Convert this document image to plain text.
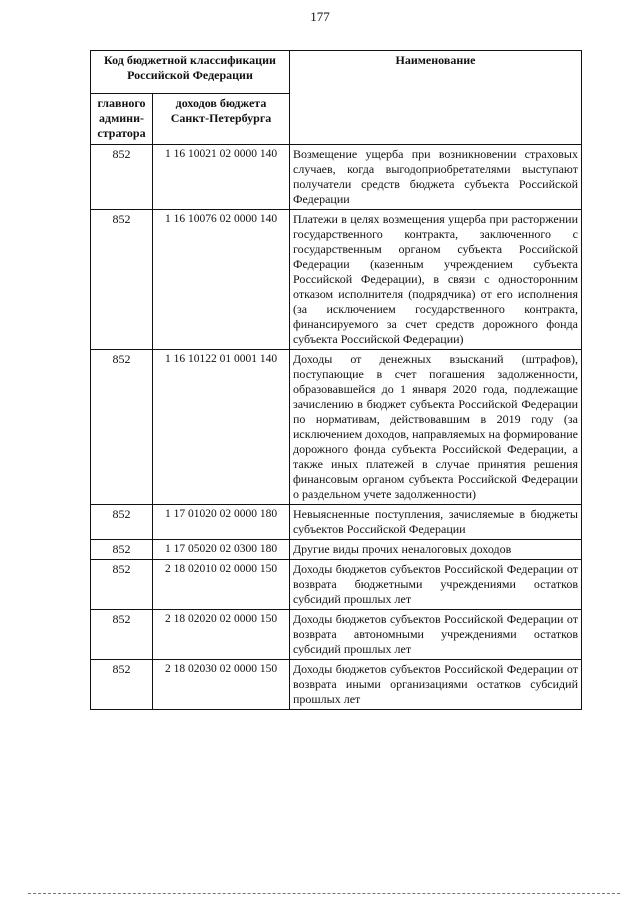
177
Код бюджетной классификации Российской Федерации		Наименование
главного админи-стратора	доходов бюджета Санкт-Петербурга	
852	1 16 10021 02 0000 140	Возмещение ущерба при возникновении страховых случаев, когда выгодоприобретателями выступают получатели средств бюджета субъекта Российской Федерации
852	1 16 10076 02 0000 140	Платежи в целях возмещения ущерба при расторжении государственного контракта, заключенного с государственным органом субъекта Российской Федерации (казенным учреждением субъекта Российской Федерации), в связи с односторонним отказом исполнителя (подрядчика) от его исполнения (за исключением государственного контракта, финансируемого за счет средств дорожного фонда субъекта Российской Федерации)
852	1 16 10122 01 0001 140	Доходы от денежных взысканий (штрафов), поступающие в счет погашения задолженности, образовавшейся до 1 января 2020 года, подлежащие зачислению в бюджет субъекта Российской Федерации по нормативам, действовавшим в 2019 году (за исключением доходов, направляемых на формирование дорожного фонда субъекта Российской Федерации, а также иных платежей в случае принятия решения финансовым органом субъекта Российской Федерации о раздельном учете задолженности)
852	1 17 01020 02 0000 180	Невыясненные поступления, зачисляемые в бюджеты субъектов Российской Федерации
852	1 17 05020 02 0300 180	Другие виды прочих неналоговых доходов
852	2 18 02010 02 0000 150	Доходы бюджетов субъектов Российской Федерации от возврата бюджетными учреждениями остатков субсидий прошлых лет
852	2 18 02020 02 0000 150	Доходы бюджетов субъектов Российской Федерации от возврата автономными учреждениями остатков субсидий прошлых лет
852	2 18 02030 02 0000 150	Доходы бюджетов субъектов Российской Федерации от возврата иными организациями остатков субсидий прошлых лет
